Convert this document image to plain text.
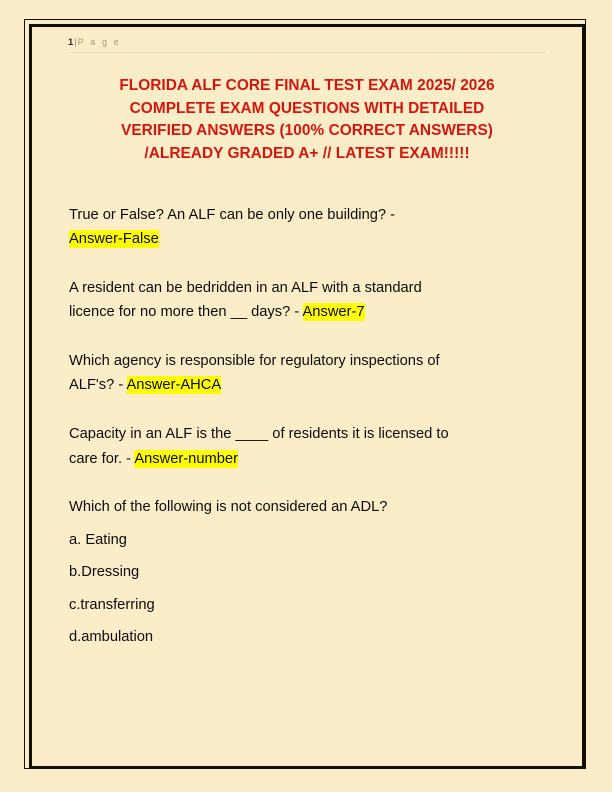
1|P a g e
FLORIDA ALF CORE FINAL TEST EXAM 2025/ 2026
COMPLETE EXAM QUESTIONS WITH DETAILED
VERIFIED ANSWERS (100% CORRECT ANSWERS)
/ALREADY GRADED A+ // LATEST EXAM!!!!!
True or False? An ALF can be only one building? -
Answer-False
A resident can be bedridden in an ALF with a standard
licence for no more then __ days? - Answer-7
Which agency is responsible for regulatory inspections of
ALF's? - Answer-AHCA
Capacity in an ALF is the ____ of residents it is licensed to
care for. - Answer-number
Which of the following is not considered an ADL?
a. Eating
b.Dressing
c.transferring
d.ambulation
